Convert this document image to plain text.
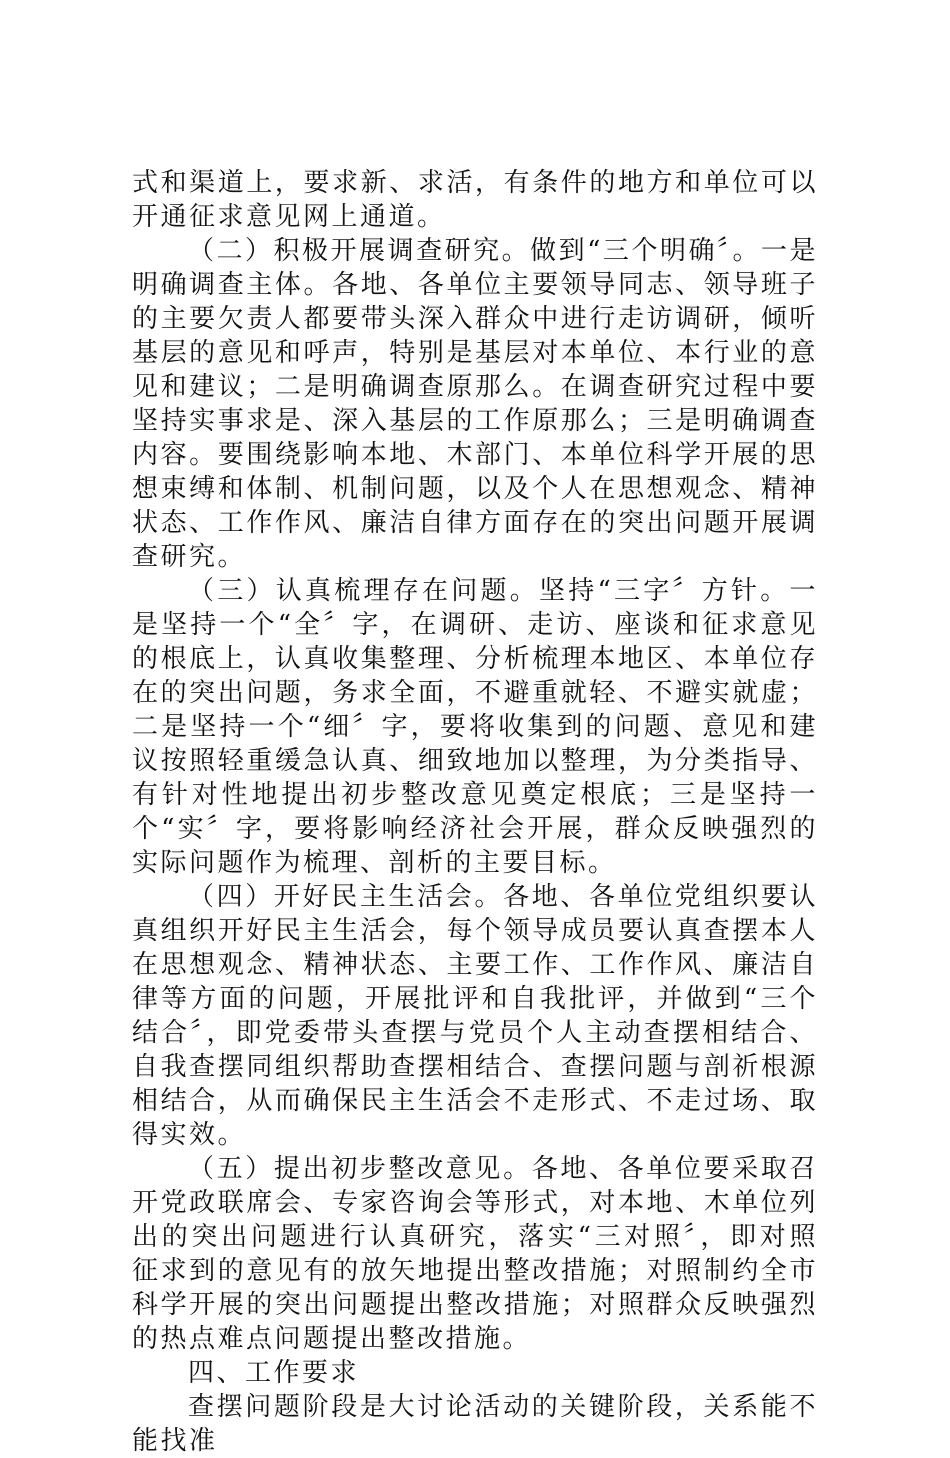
式和渠道上，要求新、求活，有条件的地方和单位可以开通征求意见网上通道。

（二）积极开展调查研究。做到“三个明确〞。一是明确调查主体。各地、各单位主要领导同志、领导班子的主要欠责人都要带头深入群众中进行走访调研，倾听基层的意见和呼声，特别是基层对本单位、本行业的意见和建议；二是明确调查原那么。在调查研究过程中要坚持实事求是、深入基层的工作原那么；三是明确调查内容。要围绕影响本地、木部门、本单位科学开展的思想束缚和体制、机制问题，以及个人在思想观念、精神状态、工作作风、廉洁自律方面存在的突出问题开展调查研究。

（三）认真梳理存在问题。坚持“三字〞方针。一是坚持一个“全〞字，在调研、走访、座谈和征求意见的根底上，认真收集整理、分析梳理本地区、本单位存在的突出问题，务求全面，不避重就轻、不避实就虚；二是坚持一个“细〞字，要将收集到的问题、意见和建议按照轻重缓急认真、细致地加以整理，为分类指导、有针对性地提出初步整改意见奠定根底；三是坚持一个“实〞字，要将影响经济社会开展，群众反映强烈的实际问题作为梳理、剖析的主要目标。

（四）开好民主生活会。各地、各单位党组织要认真组织开好民主生活会，每个领导成员要认真查摆本人在思想观念、精神状态、主要工作、工作作风、廉洁自律等方面的问题，开展批评和自我批评，并做到“三个结合〞，即党委带头查摆与党员个人主动查摆相结合、自我查摆同组织帮助查摆相结合、查摆问题与剖祈根源相结合，从而确保民主生活会不走形式、不走过场、取得实效。

（五）提出初步整改意见。各地、各单位要采取召开党政联席会、专家咨询会等形式，对本地、木单位列出的突出问题进行认真研究，落实“三对照〞，即对照征求到的意见有的放矢地提出整改措施；对照制约全市科学开展的突出问题提出整改措施；对照群众反映强烈的热点难点问题提出整改措施。

四、工作要求

查摆问题阶段是大讨论活动的关键阶段，关系能不能找准
